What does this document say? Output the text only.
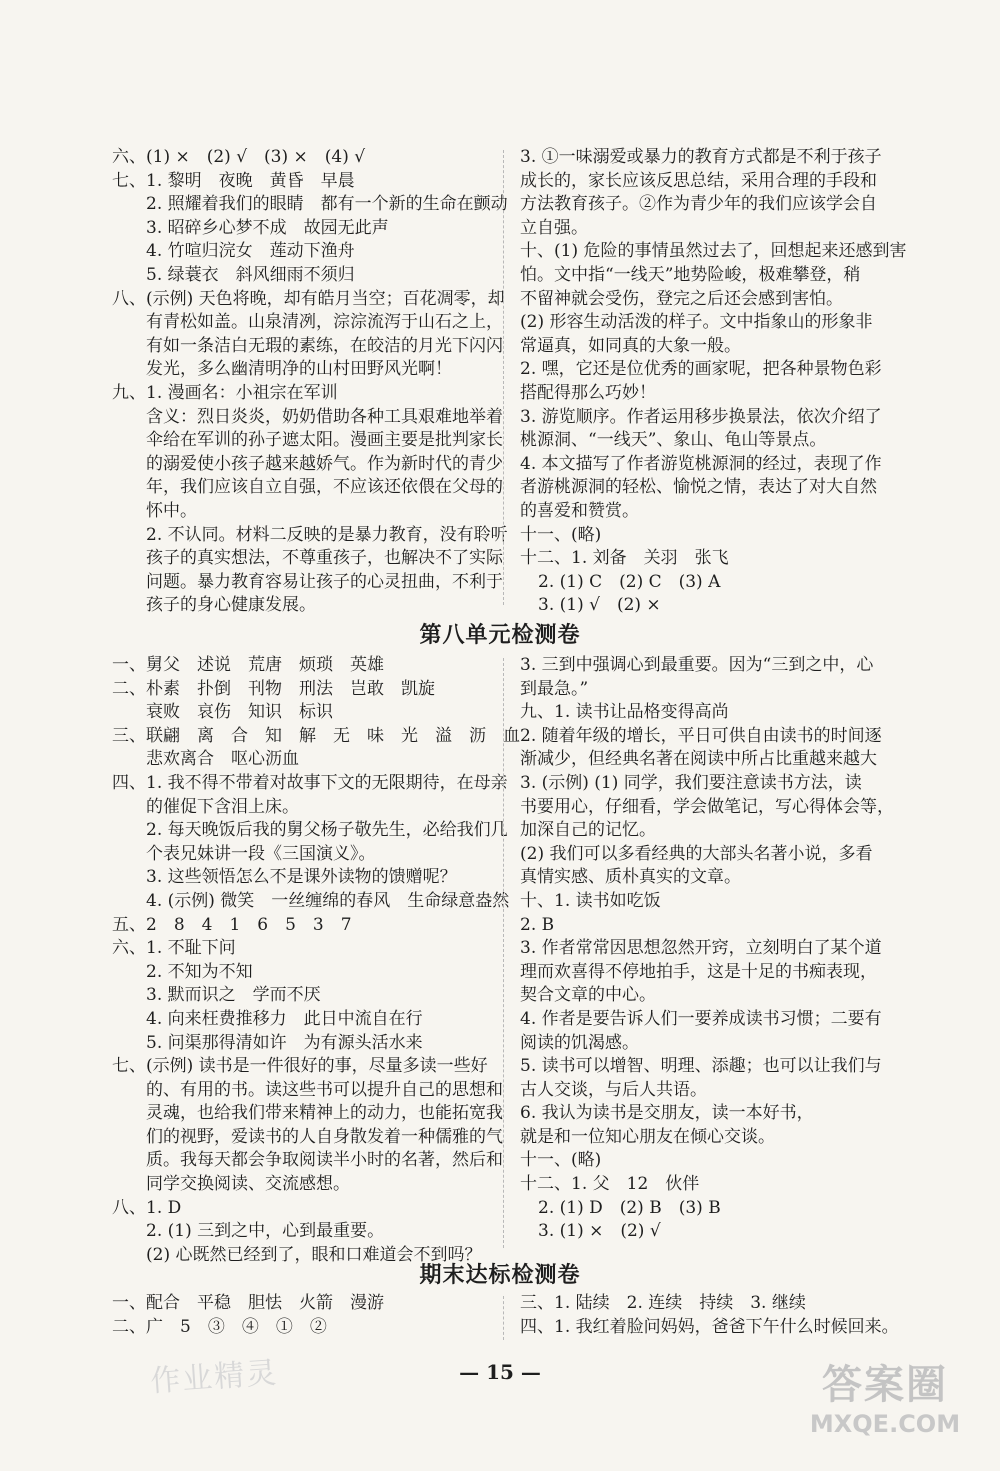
六、(1) ×　(2) √　(3) ×　(4) √
七、1. 黎明　夜晚　黄昏　早晨
2. 照耀着我们的眼睛　都有一个新的生命在颤动
3. 昭碎乡心梦不成　故园无此声
4. 竹喧归浣女　莲动下渔舟
5. 绿蓑衣　斜风细雨不须归
八、(示例) 天色将晚，却有皓月当空；百花凋零，却
有青松如盖。山泉清冽，淙淙流泻于山石之上，
有如一条洁白无瑕的素练，在皎洁的月光下闪闪
发光，多么幽清明净的山村田野风光啊！
九、1. 漫画名：小祖宗在军训
含义：烈日炎炎，奶奶借助各种工具艰难地举着
伞给在军训的孙子遮太阳。漫画主要是批判家长
的溺爱使小孩子越来越娇气。作为新时代的青少
年，我们应该自立自强，不应该还依偎在父母的
怀中。
2. 不认同。材料二反映的是暴力教育，没有聆听
孩子的真实想法，不尊重孩子，也解决不了实际
问题。暴力教育容易让孩子的心灵扭曲，不利于
孩子的身心健康发展。
3. ①一味溺爱或暴力的教育方式都是不利于孩子
成长的，家长应该反思总结，采用合理的手段和
方法教育孩子。②作为青少年的我们应该学会自
立自强。
十、(1) 危险的事情虽然过去了，回想起来还感到害
怕。文中指“一线天”地势险峻，极难攀登，稍
不留神就会受伤，登完之后还会感到害怕。
(2) 形容生动活泼的样子。文中指象山的形象非
常逼真，如同真的大象一般。
2. 嘿，它还是位优秀的画家呢，把各种景物色彩
搭配得那么巧妙！
3. 游览顺序。作者运用移步换景法，依次介绍了
桃源洞、“一线天”、象山、龟山等景点。
4. 本文描写了作者游览桃源洞的经过，表现了作
者游桃源洞的轻松、愉悦之情，表达了对大自然
的喜爱和赞赏。
十一、(略)
十二、1. 刘备　关羽　张飞
2. (1) C　(2) C　(3) A
3. (1) √　(2) ×
第八单元检测卷
一、舅父　述说　荒唐　烦琐　英雄
二、朴素　扑倒　刊物　刑法　岂敢　凯旋
衰败　哀伤　知识　标识
三、联翩　离　合　知　解　无　味　光　溢　沥　血
悲欢离合　呕心沥血
四、1. 我不得不带着对故事下文的无限期待，在母亲
的催促下含泪上床。
2. 每天晚饭后我的舅父杨子敬先生，必给我们几
个表兄妹讲一段《三国演义》。
3. 这些领悟怎么不是课外读物的馈赠呢？
4. (示例) 微笑　一丝缠绵的春风　生命绿意盎然
五、2　8　4　1　6　5　3　7
六、1. 不耻下问
2. 不知为不知
3. 默而识之　学而不厌
4. 向来枉费推移力　此日中流自在行
5. 问渠那得清如许　为有源头活水来
七、(示例) 读书是一件很好的事，尽量多读一些好
的、有用的书。读这些书可以提升自己的思想和
灵魂，也给我们带来精神上的动力，也能拓宽我
们的视野，爱读书的人自身散发着一种儒雅的气
质。我每天都会争取阅读半小时的名著，然后和
同学交换阅读、交流感想。
八、1. D
2. (1) 三到之中，心到最重要。
(2) 心既然已经到了，眼和口难道会不到吗？
3. 三到中强调心到最重要。因为“三到之中，心
到最急。”
九、1. 读书让品格变得高尚
2. 随着年级的增长，平日可供自由读书的时间逐
渐减少，但经典名著在阅读中所占比重越来越大
3. (示例) (1) 同学，我们要注意读书方法，读
书要用心，仔细看，学会做笔记，写心得体会等，
加深自己的记忆。
(2) 我们可以多看经典的大部头名著小说，多看
真情实感、质朴真实的文章。
十、1. 读书如吃饭
2. B
3. 作者常常因思想忽然开窍，立刻明白了某个道
理而欢喜得不停地拍手，这是十足的书痴表现，
契合文章的中心。
4. 作者是要告诉人们一要养成读书习惯；二要有
阅读的饥渴感。
5. 读书可以增智、明理、添趣；也可以让我们与
古人交谈，与后人共语。
6. 我认为读书是交朋友，读一本好书，
就是和一位知心朋友在倾心交谈。
十一、(略)
十二、1. 父　12　伙伴
2. (1) D　(2) B　(3) B
3. (1) ×　(2) √
期末达标检测卷
一、配合　平稳　胆怯　火箭　漫游
二、广　5　③　④　①　②
三、1. 陆续　2. 连续　持续　3. 继续
四、1. 我红着脸问妈妈，爸爸下午什么时候回来。
作业精灵	— 15 —	答案圈
MXQE.COM
